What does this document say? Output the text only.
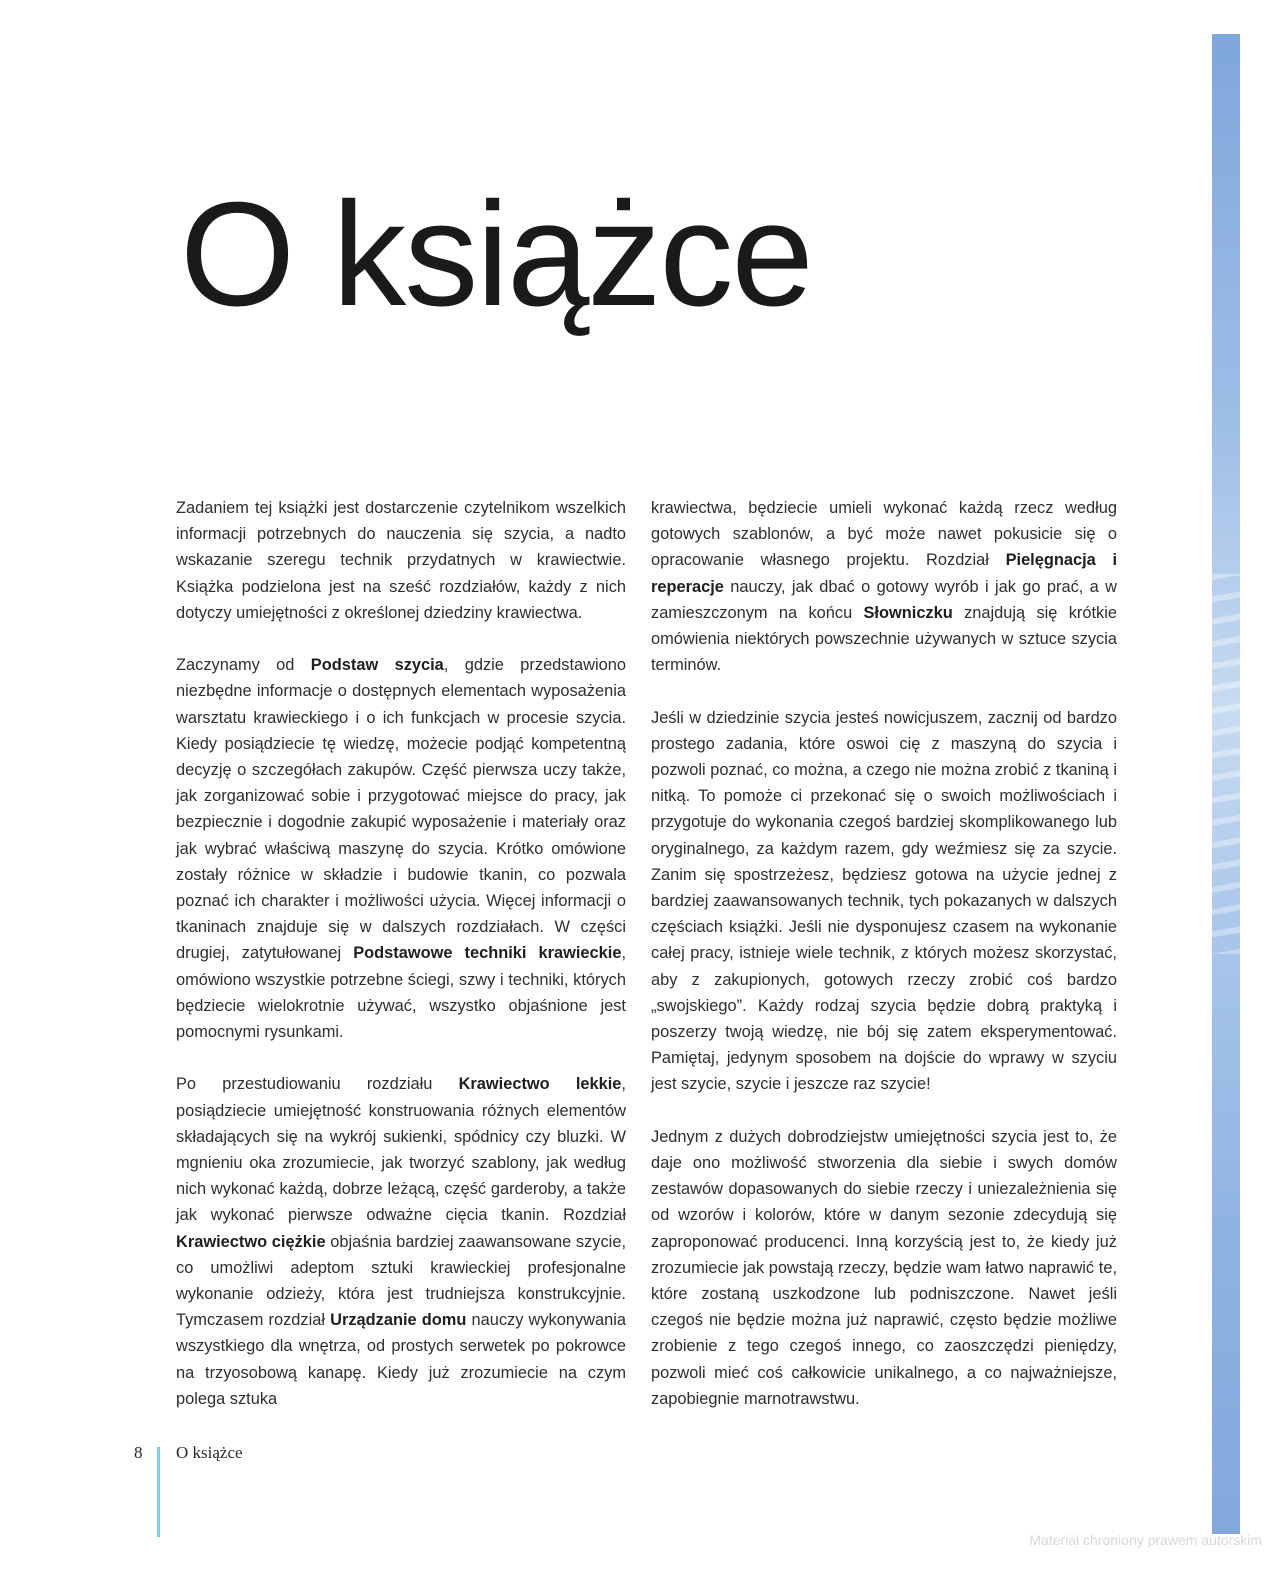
O książce

Zadaniem tej książki jest dostarczenie czytelnikom wszelkich informacji potrzebnych do nauczenia się szycia, a nadto wskazanie szeregu technik przydatnych w krawiectwie. Książka podzielona jest na sześć rozdziałów, każdy z nich dotyczy umiejętności z określonej dziedziny krawiectwa.

Zaczynamy od Podstaw szycia, gdzie przedstawiono niezbędne informacje o dostępnych elementach wyposażenia warsztatu krawieckiego i o ich funkcjach w procesie szycia. Kiedy posiądziecie tę wiedzę, możecie podjąć kompetentną decyzję o szczegółach zakupów. Część pierwsza uczy także, jak zorganizować sobie i przygotować miejsce do pracy, jak bezpiecznie i dogodnie zakupić wyposażenie i materiały oraz jak wybrać właściwą maszynę do szycia. Krótko omówione zostały różnice w składzie i budowie tkanin, co pozwala poznać ich charakter i możliwości użycia. Więcej informacji o tkaninach znajduje się w dalszych rozdziałach. W części drugiej, zatytułowanej Podstawowe techniki krawieckie, omówiono wszystkie potrzebne ściegi, szwy i techniki, których będziecie wielokrotnie używać, wszystko objaśnione jest pomocnymi rysunkami.

Po przestudiowaniu rozdziału Krawiectwo lekkie, posiądziecie umiejętność konstruowania różnych elementów składających się na wykrój sukienki, spódnicy czy bluzki. W mgnieniu oka zrozumiecie, jak tworzyć szablony, jak według nich wykonać każdą, dobrze leżącą, część garderoby, a także jak wykonać pierwsze odważne cięcia tkanin. Rozdział Krawiectwo ciężkie objaśnia bardziej zaawansowane szycie, co umożliwi adeptom sztuki krawieckiej profesjonalne wykonanie odzieży, która jest trudniejsza konstrukcyjnie. Tymczasem rozdział Urządzanie domu nauczy wykonywania wszystkiego dla wnętrza, od prostych serwetek po pokrowce na trzyosobową kanapę. Kiedy już zrozumiecie na czym polega sztuka

krawiectwa, będziecie umieli wykonać każdą rzecz według gotowych szablonów, a być może nawet pokusicie się o opracowanie własnego projektu. Rozdział Pielęgnacja i reperacje nauczy, jak dbać o gotowy wyrób i jak go prać, a w zamieszczonym na końcu Słowniczku znajdują się krótkie omówienia niektórych powszechnie używanych w sztuce szycia terminów.

Jeśli w dziedzinie szycia jesteś nowicjuszem, zacznij od bardzo prostego zadania, które oswoi cię z maszyną do szycia i pozwoli poznać, co można, a czego nie można zrobić z tkaniną i nitką. To pomoże ci przekonać się o swoich możliwościach i przygotuje do wykonania czegoś bardziej skomplikowanego lub oryginalnego, za każdym razem, gdy weźmiesz się za szycie. Zanim się spostrzeżesz, będziesz gotowa na użycie jednej z bardziej zaawansowanych technik, tych pokazanych w dalszych częściach książki. Jeśli nie dysponujesz czasem na wykonanie całej pracy, istnieje wiele technik, z których możesz skorzystać, aby z zakupionych, gotowych rzeczy zrobić coś bardzo „swojskiego”. Każdy rodzaj szycia będzie dobrą praktyką i poszerzy twoją wiedzę, nie bój się zatem eksperymentować. Pamiętaj, jedynym sposobem na dojście do wprawy w szyciu jest szycie, szycie i jeszcze raz szycie!

Jednym z dużych dobrodziejstw umiejętności szycia jest to, że daje ono możliwość stworzenia dla siebie i swych domów zestawów dopasowanych do siebie rzeczy i uniezależnienia się od wzorów i kolorów, które w danym sezonie zdecydują się zaproponować producenci. Inną korzyścią jest to, że kiedy już zrozumiecie jak powstają rzeczy, będzie wam łatwo naprawić te, które zostaną uszkodzone lub podniszczone. Nawet jeśli czegoś nie będzie można już naprawić, często będzie możliwe zrobienie z tego czegoś innego, co zaoszczędzi pieniędzy, pozwoli mieć coś całkowicie unikalnego, a co najważniejsze, zapobiegnie marnotrawstwu.

8 O książce
Materiał chroniony prawem autorskim
